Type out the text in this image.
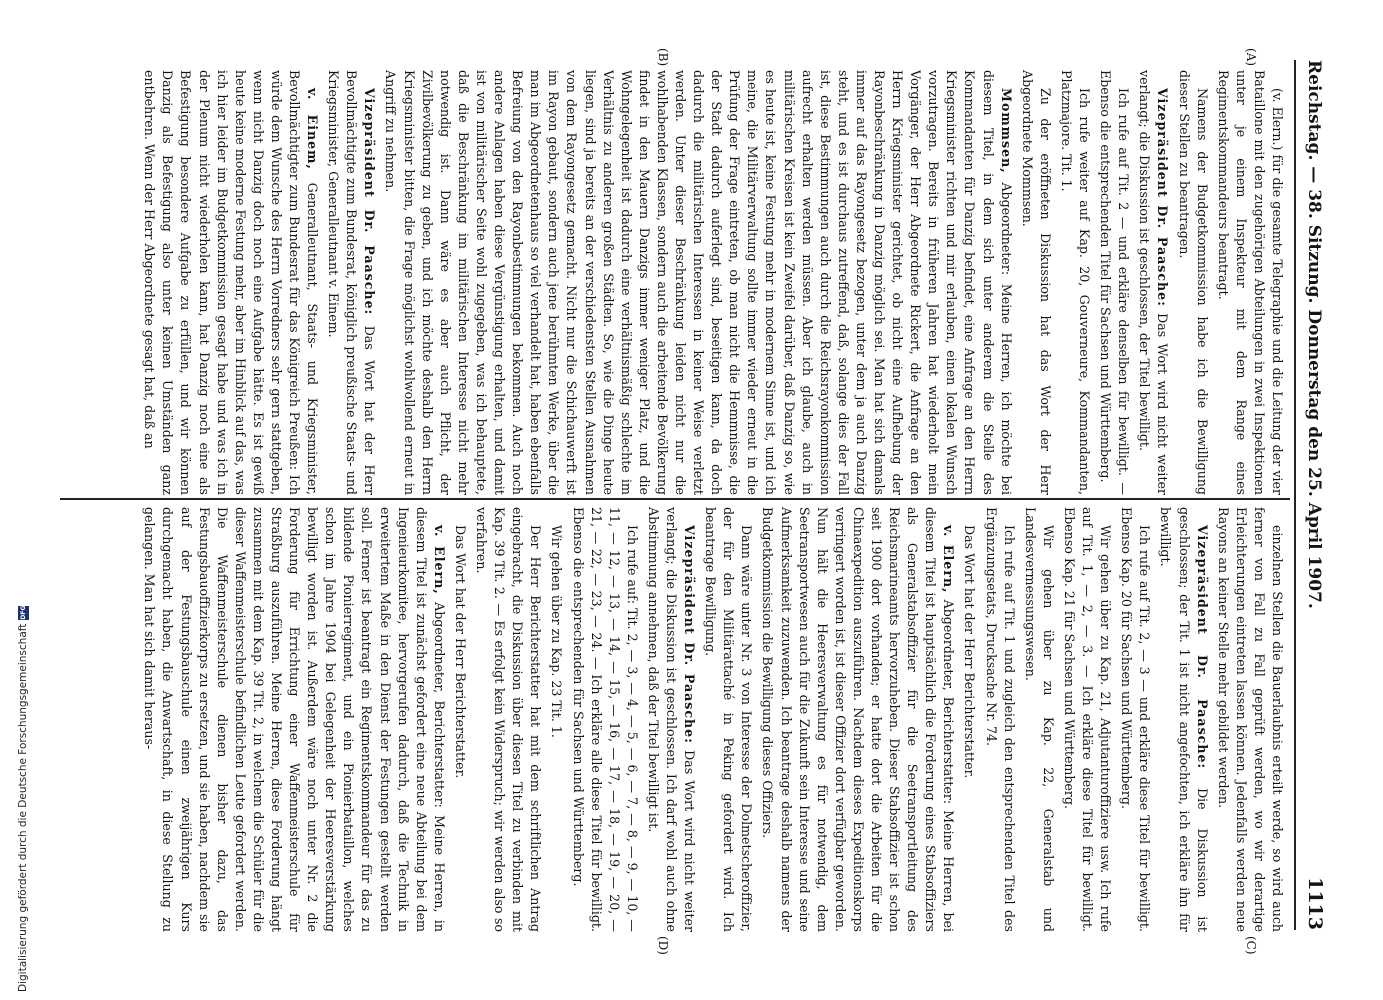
Digitalisierung gefördert durch die Deutsche Forschungsgemeinschaft
DFG
Reichstag. — 38. Sitzung. Donnerstag den 25. April 1907.
1113
(A)
(B)
(C)
(D)

(v. Elern.) für die gesamte Telegraphie und die Leitung der vier Bataillone mit den zugehörigen Abteilungen in zwei Inspektionen unter je einem Inspekteur mit dem Range eines Regimentskommandeurs beantragt.

Namens der Budgetkommission habe ich die Bewilligung dieser Stellen zu beantragen.

Vizepräsident Dr. Paasche: Das Wort wird nicht weiter verlangt; die Diskussion ist geschlossen, der Titel bewilligt.

Ich rufe auf Tit. 2 — und erkläre denselben für bewilligt. — Ebenso die entsprechenden Titel für Sachsen und Württemberg.

Ich rufe weiter auf Kap. 20, Gouverneure, Kommandanten, Platzmajore. Tit. 1.

Zu der eröffneten Diskussion hat das Wort der Herr Abgeordnete Mommsen.

Mommsen, Abgeordneter: Meine Herren, ich möchte bei diesem Titel, in dem sich unter anderem die Stelle des Kommandanten für Danzig befindet, eine Anfrage an den Herrn Kriegsminister richten und mir erlauben, einen lokalen Wunsch vorzutragen. Bereits in früheren Jahren hat wiederholt mein Vorgänger, der Herr Abgeordnete Rickert, die Anfrage an den Herrn Kriegsminister gerichtet, ob nicht eine Aufhebung der Rayonbeschränkung in Danzig möglich sei. Man hat sich damals immer auf das Rayongesetz bezogen, unter dem ja auch Danzig steht, und es ist durchaus zutreffend, daß, solange dies der Fall ist, diese Bestimmungen auch durch die Reichsrayonkommission aufrecht erhalten werden müssen. Aber ich glaube, auch in militärischen Kreisen ist kein Zweifel darüber, daß Danzig so, wie es heute ist, keine Festung mehr in modernem Sinne ist, und ich meine, die Militärverwaltung sollte immer wieder erneut in die Prüfung der Frage eintreten, ob man nicht die Hemmnisse, die der Stadt dadurch auferlegt sind, beseitigen kann, da doch dadurch die militärischen Interessen in keiner Weise verletzt werden. Unter dieser Beschränkung leiden nicht nur die wohlhabenden Klassen, sondern auch die arbeitende Bevölkerung findet in den Mauern Danzigs immer weniger Platz, und die Wohngelegenheit ist dadurch eine verhältnismäßig schlechte im Verhältnis zu anderen großen Städten. So, wie die Dinge heute liegen, sind ja bereits an der verschiedensten Stellen Ausnahmen von dem Rayongesetz gemacht. Nicht nur die Schichauwerft ist im Rayon gebaut, sondern auch jene berühmten Werke, über die man im Abgeordnetenhaus so viel verhandelt hat, haben ebenfalls Befreiung von den Rayonbestimmungen bekommen. Auch noch andere Anlagen haben diese Vergünstigung erhalten, und damit ist von militärischer Seite wohl zugegeben, was ich behauptete, daß die Beschränkung im militärischen Interesse nicht mehr notwendig ist. Dann wäre es aber auch Pflicht, der Zivilbevölkerung zu geben, und ich möchte deshalb den Herrn Kriegsminister bitten, die Frage möglichst wohlwollend erneut in Angriff zu nehmen.

Vizepräsident Dr. Paasche: Das Wort hat der Herr Bevollmächtigte zum Bundesrat, königlich preußische Staats- und Kriegsminister, Generalleutnant v. Einem.

v. Einem, Generalleutnant, Staats- und Kriegsminister, Bevollmächtigter zum Bundesrat für das Königreich Preußen: Ich würde dem Wunsche des Herrn Vorredners sehr gern stattgeben, wenn nicht Danzig doch noch eine Aufgabe hätte. Es ist gewiß heute keine moderne Festung mehr, aber im Hinblick auf das, was ich hier leider im Budgetkommission gesagt habe und was ich in der Plenum nicht wiederholen kann, hat Danzig noch eine als Befestigung besondere Aufgabe zu erfüllen, und wir können Danzig als Befestigung also unter keinen Umständen ganz entbehren. Wenn der Herr Abgeordnete gesagt hat, daß an

einzelnen Stellen die Bauerlaubnis erteilt werde, so wird auch ferner von Fall zu Fall geprüft werden, wo wir derartige Erleichterungen eintreten lassen können. Jedenfalls werden neue Rayons an keiner Stelle mehr gebildet werden.

Vizepräsident Dr. Paasche: Die Diskussion ist geschlossen; der Tit. 1 ist nicht angefochten, ich erkläre ihn für bewilligt.

Ich rufe auf Tit. 2, — 3 — und erkläre diese Titel für bewilligt. Ebenso Kap. 20 für Sachsen und Württemberg.

Wir gehen über zu Kap. 21, Adjutanturoffiziere usw. Ich rufe auf Tit. 1, — 2, — 3. — Ich erkläre diese Titel für bewilligt. Ebenso Kap. 21 für Sachsen und Württemberg.

Wir gehen über zu Kap. 22, Generalstab und Landesvermessungswesen.

Ich rufe auf Tit. 1 und zugleich den entsprechenden Titel des Ergänzungsetats, Drucksache Nr. 74.

Das Wort hat der Herr Berichterstatter.

v. Elern, Abgeordneter, Berichterstatter: Meine Herren, bei diesem Titel ist hauptsächlich die Forderung eines Stabsoffiziers als Generalstabsoffizier für die Seetransportleitung des Reichsmarineamts hervorzuheben. Dieser Stabsoffizier ist schon seit 1900 dort vorhanden; er hatte dort die Arbeiten für die Chinaexpedition auszuführen. Nachdem dieses Expeditionskorps verringert worden ist, ist dieser Offizier dort verfügbar geworden. Nun hält die Heeresverwaltung es für notwendig, dem Seetransportwesen auch für die Zukunft sein Interesse und seine Aufmerksamkeit zuzuwenden. Ich beantrage deshalb namens der Budgetkommission die Bewilligung dieses Offiziers.

Dann wäre unter Nr. 3 von Interesse der Dolmetscheroffizier, der für den Militärattaché in Peking gefordert wird. Ich beantrage Bewilligung.

Vizepräsident Dr. Paasche: Das Wort wird nicht weiter verlangt; die Diskussion ist geschlossen. Ich darf wohl auch ohne Abstimmung annehmen, daß der Titel bewilligt ist.

Ich rufe auf: Tit. 2, — 3, — 4, — 5, — 6, — 7, — 8, — 9, — 10, — 11, — 12, — 13, — 14, — 15, — 16, — 17, — 18, — 19, — 20, — 21, — 22, — 23, — 24. — Ich erkläre alle diese Titel für bewilligt. Ebenso die entsprechenden für Sachsen und Württemberg.

Wir gehen über zu Kap. 23 Tit. 1.

Der Herr Berichterstatter hat mit dem schriftlichen Antrag eingebracht, die Diskussion über diesen Titel zu verbinden mit Kap. 39 Tit. 2. — Es erfolgt kein Widerspruch; wir werden also so verfahren.

Das Wort hat der Herr Berichterstatter.

v. Elern, Abgeordneter, Berichterstatter: Meine Herren, in diesem Titel ist zunächst gefordert eine neue Abteilung bei dem Ingenieurkomitee, hervorgerufen dadurch, daß die Technik in erweitertem Maße in den Dienst der Festungen gestellt werden soll. Ferner ist beantragt ein Regimentskommandeur für das zu bildende Pionierregiment, und ein Pionierbataillon, welches schon im Jahre 1904 bei Gelegenheit der Heeresverstärkung bewilligt worden ist. Außerdem wäre noch unter Nr. 2 die Forderung für Errichtung einer Waffenmeisterschule für Straßburg auszuführen. Meine Herren, diese Forderung hängt zusammen mit dem Kap. 39 Tit. 2, in welchem die Schüler für die dieser Waffenmeisterschule befindlichen Leute gefordert werden. Die Waffenmeisterschule dienen bisher dazu, das Festungsbauoffizierkorps zu ersetzen, und sie haben, nachdem sie auf der Festungsbauschule einen zweijährigen Kurs durchgemacht haben, die Anwartschaft, in diese Stellung zu gelangen. Man hat sich damit heraus-
